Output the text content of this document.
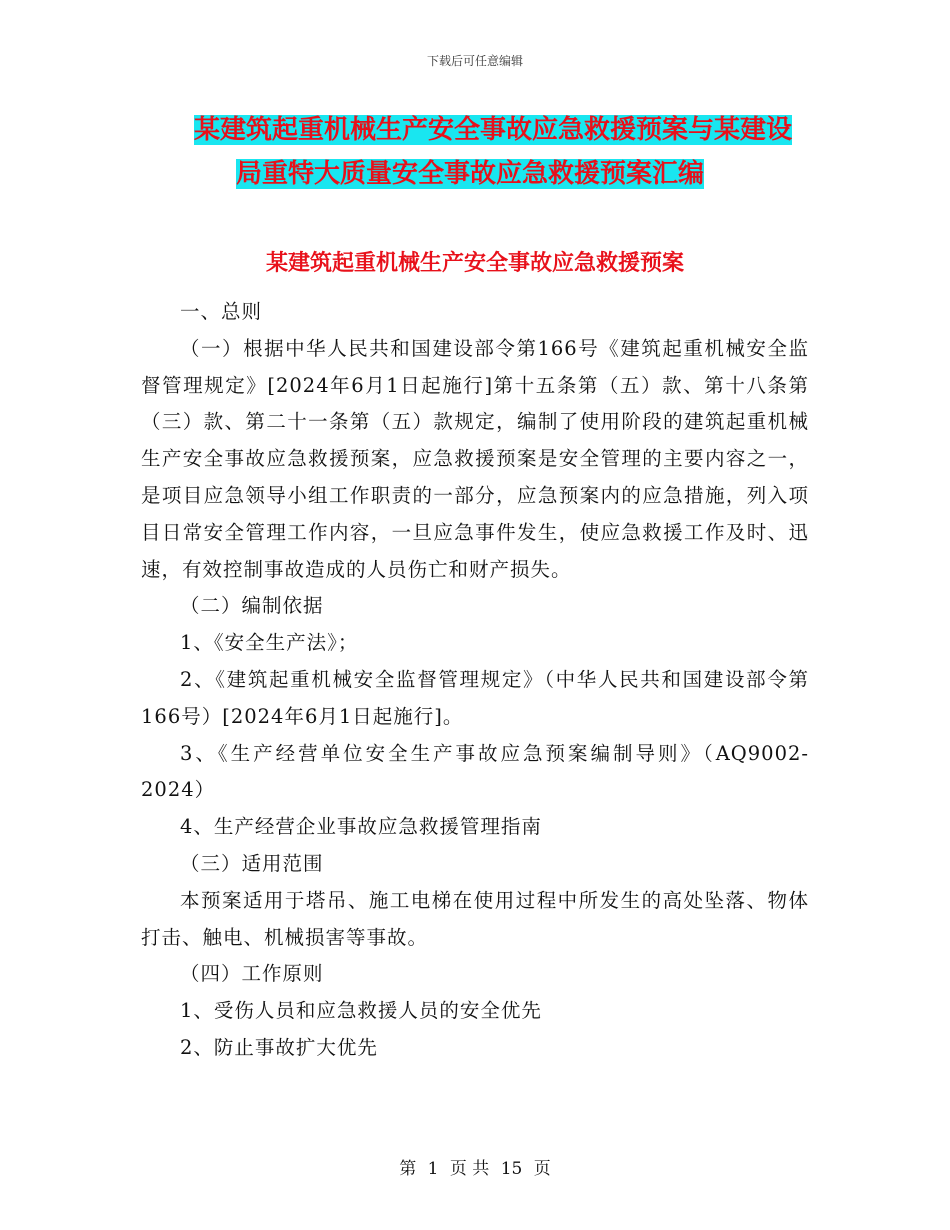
下载后可任意编辑
某建筑起重机械生产安全事故应急救援预案与某建设
局重特大质量安全事故应急救援预案汇编
某建筑起重机械生产安全事故应急救援预案

一、总则

（一）根据中华人民共和国建设部令第166号《建筑起重机械安全监督管理规定》[2024年6月1日起施行]第十五条第（五）款、第十八条第（三）款、第二十一条第（五）款规定，编制了使用阶段的建筑起重机械生产安全事故应急救援预案，应急救援预案是安全管理的主要内容之一，是项目应急领导小组工作职责的一部分，应急预案内的应急措施，列入项目日常安全管理工作内容，一旦应急事件发生，使应急救援工作及时、迅速，有效控制事故造成的人员伤亡和财产损失。

（二）编制依据

1、《安全生产法》；

2、《建筑起重机械安全监督管理规定》（中华人民共和国建设部令第166号）[2024年6月1日起施行]。

3、《生产经营单位安全生产事故应急预案编制导则》（AQ9002-2024）

4、生产经营企业事故应急救援管理指南

（三）适用范围

本预案适用于塔吊、施工电梯在使用过程中所发生的高处坠落、物体打击、触电、机械损害等事故。

（四）工作原则

1、受伤人员和应急救援人员的安全优先

2、防止事故扩大优先

第 1 页 共 15 页
